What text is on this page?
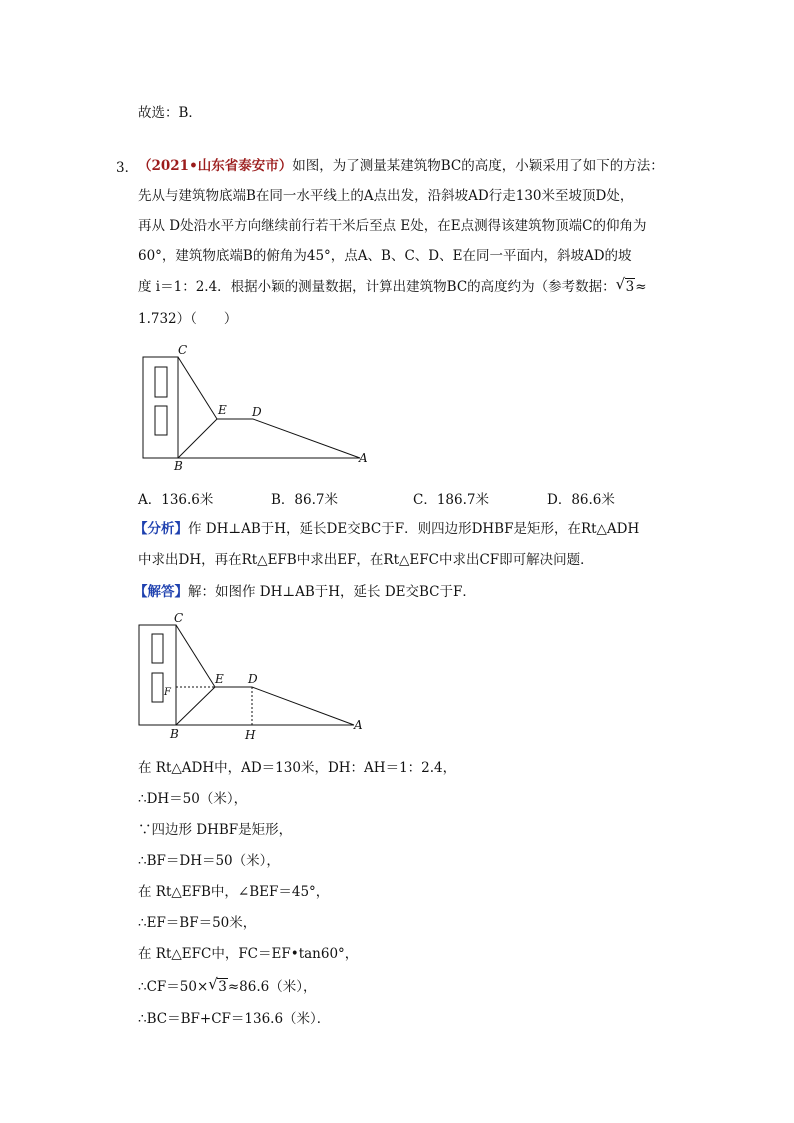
故选：B．
3． （2021•山东省泰安市）如图，为了测量某建筑物BC的高度，小颖采用了如下的方法：
先从与建筑物底端B在同一水平线上的A点出发，沿斜坡AD行走130米至坡顶D处，
再从 D处沿水平方向继续前行若干米后至点 E处，在E点测得该建筑物顶端C的仰角为
60°，建筑物底端B的俯角为45°，点A、B、C、D、E在同一平面内，斜坡AD的坡
度 i＝1：2.4．根据小颖的测量数据，计算出建筑物BC的高度约为（参考数据： √ 3≈
1.732）（　　）
C
E D
B
A
A．136.6米	B．86.7米	C．186.7米	D．86.6米
【分析】作 DH⊥AB于H，延长DE交BC于F．则四边形DHBF是矩形，在Rt△ADH
中求出DH，再在Rt△EFB中求出EF，在Rt△EFC中求出CF即可解决问题．
【解答】解：如图作 DH⊥AB于H，延长 DE交BC于F．
C
E D
F
B	H
A
在 Rt△ADH中，AD＝130米，DH：AH＝1：2.4，
∴DH＝50（米），
∵四边形 DHBF是矩形，
∴BF＝DH＝50（米），
在 Rt△EFB中，∠BEF＝45°，
∴EF＝BF＝50米，
在 Rt△EFC中，FC＝EF•tan60°，
∴CF＝50× √ 3≈86.6（米），
∴BC＝BF+CF＝136.6（米）．
